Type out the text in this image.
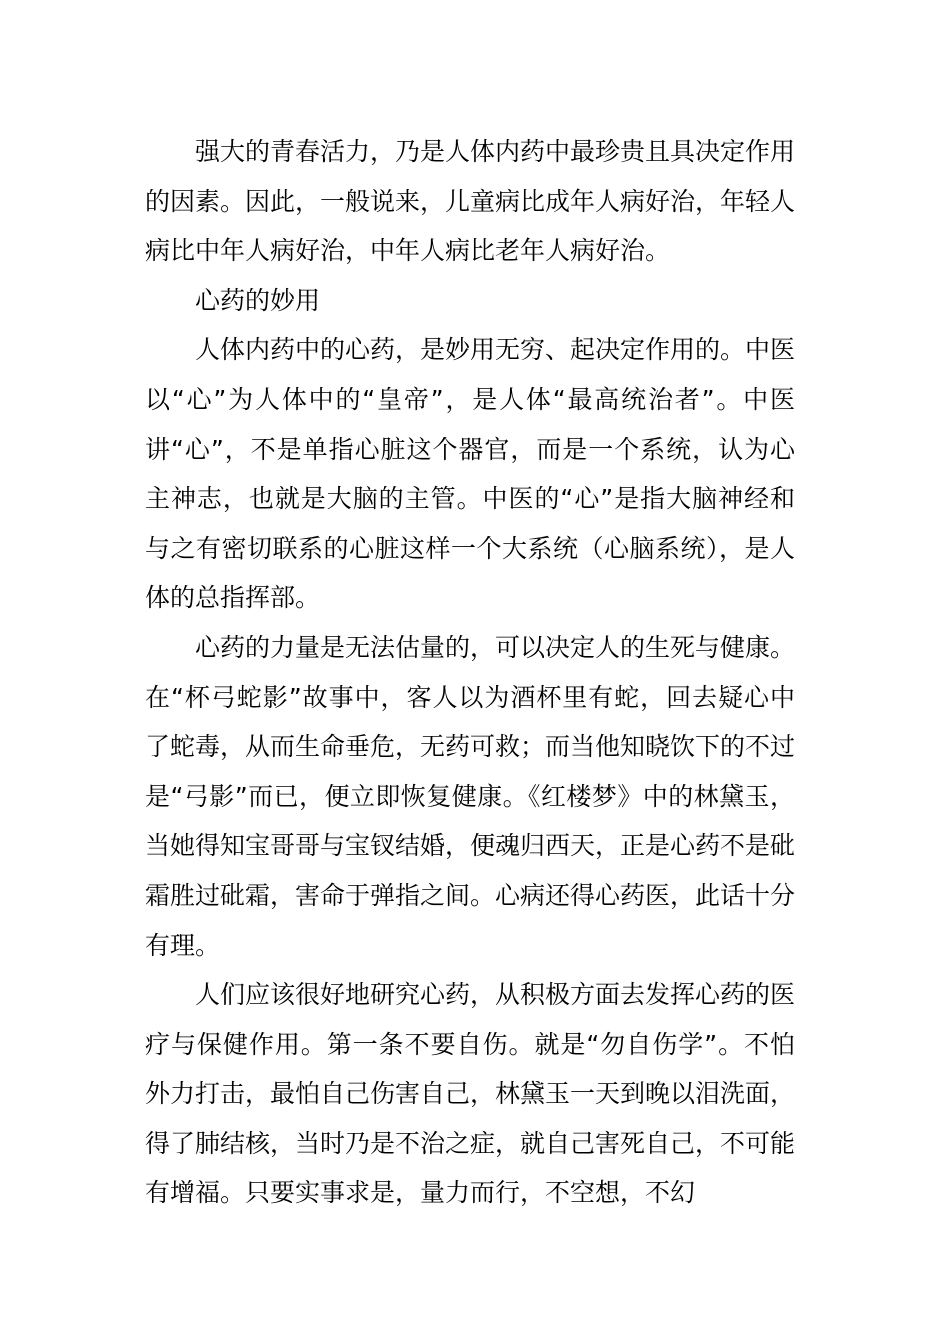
强大的青春活力，乃是人体内药中最珍贵且具决定作用的因素。因此，一般说来，儿童病比成年人病好治，年轻人病比中年人病好治，中年人病比老年人病好治。

心药的妙用

人体内药中的心药，是妙用无穷、起决定作用的。中医以“心”为人体中的“皇帝”，是人体“最高统治者”。中医讲“心”，不是单指心脏这个器官，而是一个系统，认为心主神志，也就是大脑的主管。中医的“心”是指大脑神经和与之有密切联系的心脏这样一个大系统（心脑系统），是人体的总指挥部。

心药的力量是无法估量的，可以决定人的生死与健康。在“杯弓蛇影”故事中，客人以为酒杯里有蛇，回去疑心中了蛇毒，从而生命垂危，无药可救；而当他知晓饮下的不过是“弓影”而已，便立即恢复健康。《红楼梦》中的林黛玉，当她得知宝哥哥与宝钗结婚，便魂归西天，正是心药不是砒霜胜过砒霜，害命于弹指之间。心病还得心药医，此话十分有理。

人们应该很好地研究心药，从积极方面去发挥心药的医疗与保健作用。第一条不要自伤。就是“勿自伤学”。不怕外力打击，最怕自己伤害自己，林黛玉一天到晚以泪洗面，得了肺结核，当时乃是不治之症，就自己害死自己，不可能有增福。只要实事求是，量力而行，不空想，不幻
